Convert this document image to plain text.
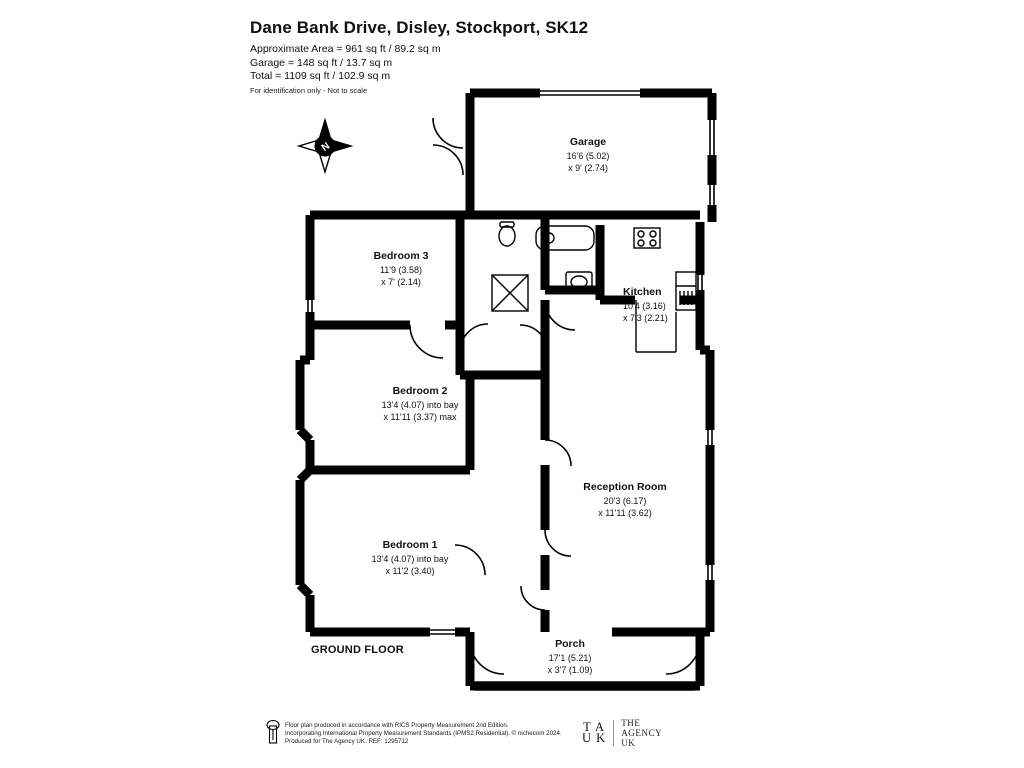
Dane Bank Drive, Disley, Stockport, SK12
Approximate Area = 961 sq ft / 89.2 sq m
Garage = 148 sq ft / 13.7 sq m
Total = 1109 sq ft / 102.9 sq m
For identification only - Not to scale
N	Garage
16'6 (5.02)
x 9' (2.74)
Bedroom 3
11'9 (3.58)
x 7' (2.14)
Kitchen
10'4 (3.16)
x 7'3 (2.21)
Bedroom 2
13'4 (4.07) into bay
x 11'11 (3.37) max
Reception Room
20'3 (6.17)
x 11'11 (3.62)
Bedroom 1
13'4 (4.07) into bay
x 11'2 (3.40)
Porch
17'1 (5.21)
x 3'7 (1.09)
GROUND FLOOR
Floor plan produced in accordance with RICS Property Measurement 2nd Edition.
Incorporating International Property Measurement Standards (IPMS2 Residential). © nichecom 2024.
Produced for The Agency UK. REF: 1295712
T A
U K
THE
AGENCY
UK
